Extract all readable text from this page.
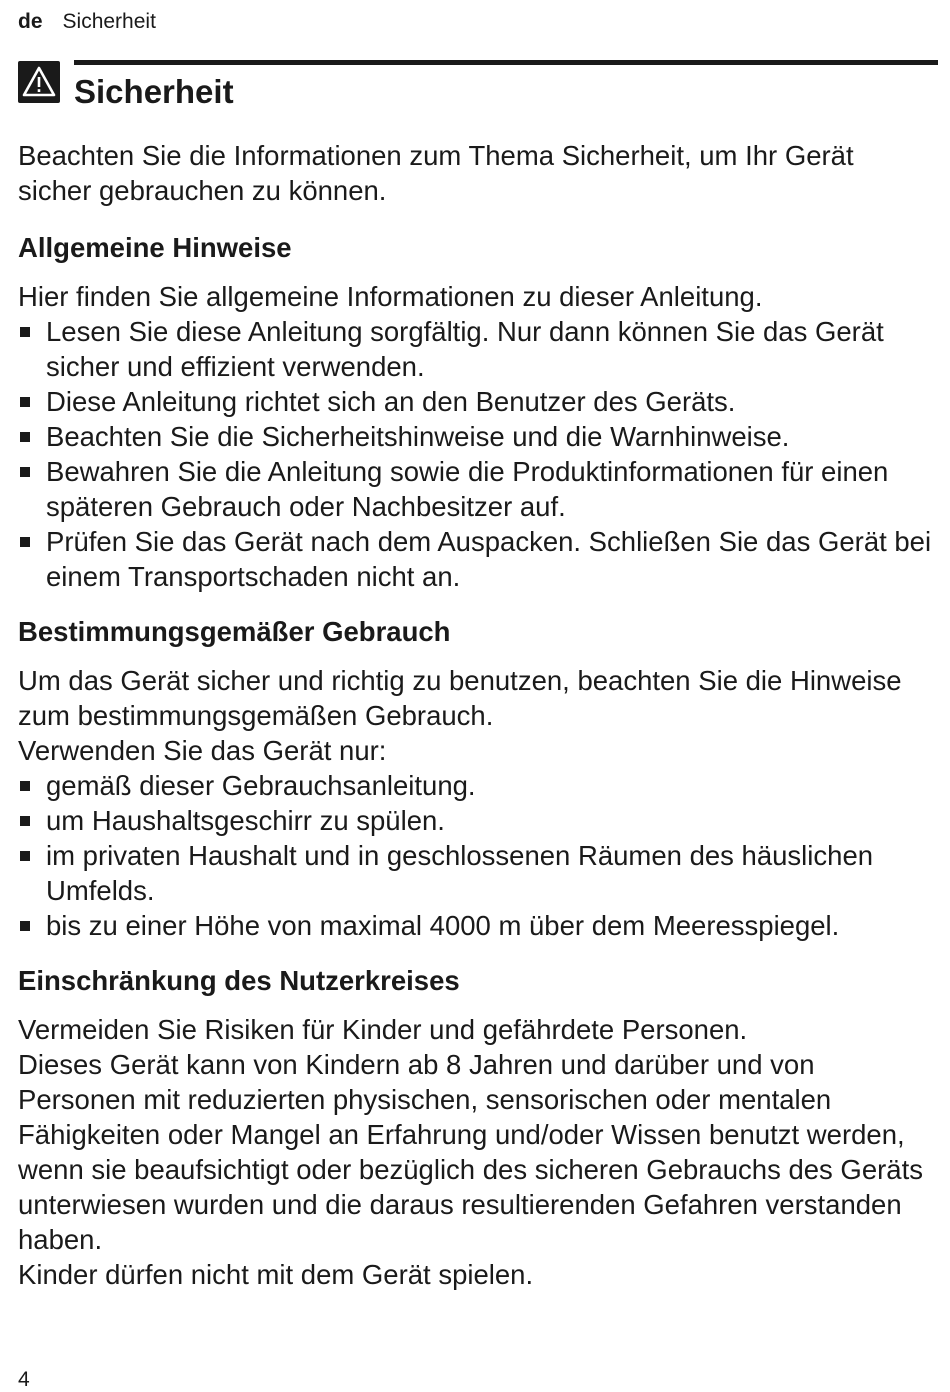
de Sicherheit
Sicherheit

Beachten Sie die Informationen zum Thema Sicherheit, um Ihr Gerät sicher gebrauchen zu können.

Allgemeine Hinweise

Hier finden Sie allgemeine Informationen zu dieser Anleitung.

Lesen Sie diese Anleitung sorgfältig. Nur dann können Sie das Gerät sicher und effizient verwenden.
Diese Anleitung richtet sich an den Benutzer des Geräts.
Beachten Sie die Sicherheitshinweise und die Warnhinweise.
Bewahren Sie die Anleitung sowie die Produktinformationen für einen späteren Gebrauch oder Nachbesitzer auf.
Prüfen Sie das Gerät nach dem Auspacken. Schließen Sie das Gerät bei einem Transportschaden nicht an.
Bestimmungsgemäßer Gebrauch

Um das Gerät sicher und richtig zu benutzen, beachten Sie die Hinweise zum bestimmungsgemäßen Gebrauch.

Verwenden Sie das Gerät nur:

gemäß dieser Gebrauchsanleitung.
um Haushaltsgeschirr zu spülen.
im privaten Haushalt und in geschlossenen Räumen des häuslichen Umfelds.
bis zu einer Höhe von maximal 4000 m über dem Meeresspiegel.
Einschränkung des Nutzerkreises

Vermeiden Sie Risiken für Kinder und gefährdete Personen.

Dieses Gerät kann von Kindern ab 8 Jahren und darüber und von Personen mit reduzierten physischen, sensorischen oder mentalen Fähigkeiten oder Mangel an Erfahrung und/oder Wissen benutzt werden, wenn sie beaufsichtigt oder bezüglich des sicheren Gebrauchs des Geräts unterwiesen wurden und die daraus resultierenden Gefahren verstanden haben.

Kinder dürfen nicht mit dem Gerät spielen.

4
